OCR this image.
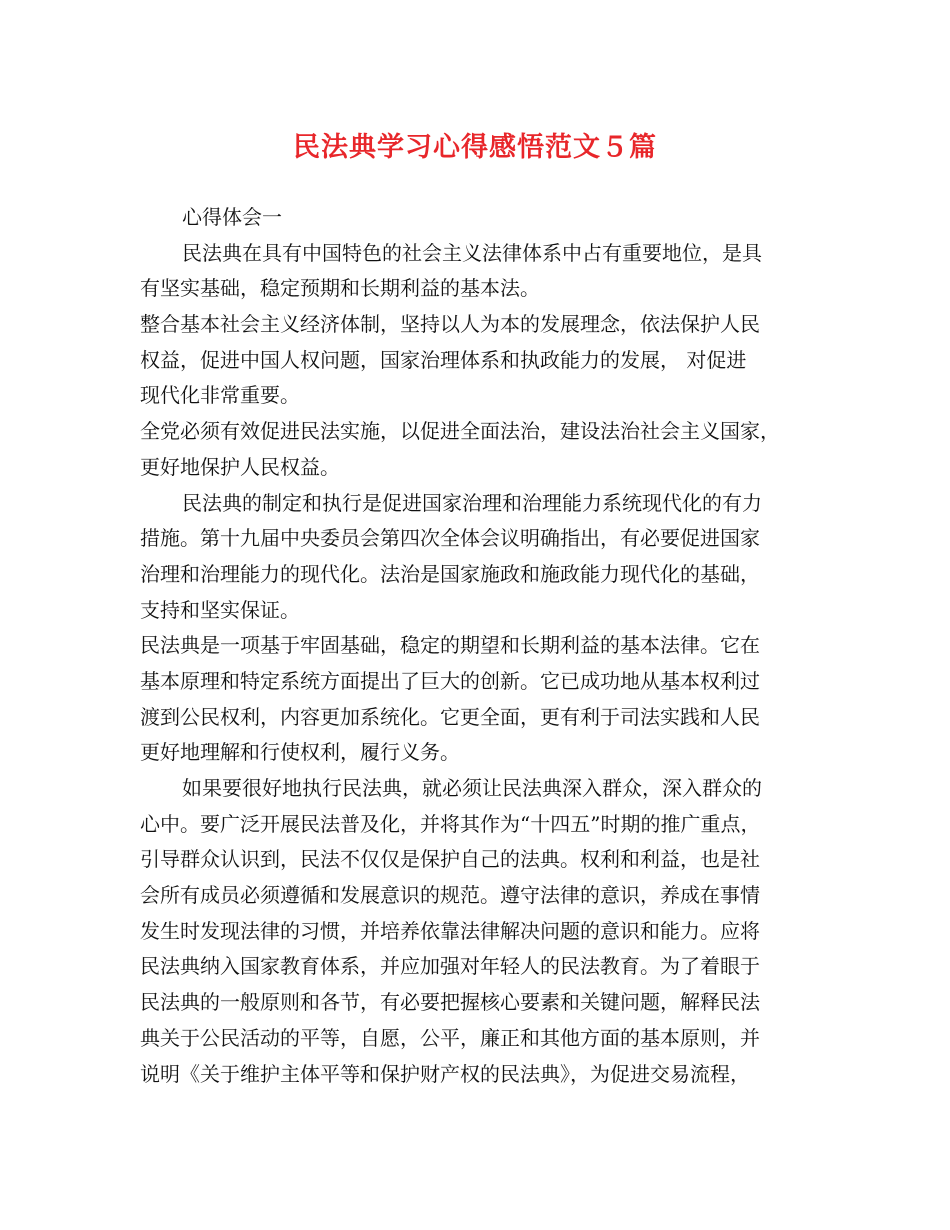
民法典学习心得感悟范文５篇
心得体会一
民法典在具有中国特色的社会主义法律体系中占有重要地位，是具
有坚实基础，稳定预期和长期利益的基本法。
整合基本社会主义经济体制，坚持以人为本的发展理念，依法保护人民
权益，促进中国人权问题，国家治理体系和执政能力的发展， 对促进
现代化非常重要。
全党必须有效促进民法实施，以促进全面法治，建设法治社会主义国家，
更好地保护人民权益。
民法典的制定和执行是促进国家治理和治理能力系统现代化的有力
措施。第十九届中央委员会第四次全体会议明确指出，有必要促进国家
治理和治理能力的现代化。法治是国家施政和施政能力现代化的基础，
支持和坚实保证。
民法典是一项基于牢固基础，稳定的期望和长期利益的基本法律。它在
基本原理和特定系统方面提出了巨大的创新。它已成功地从基本权利过
渡到公民权利，内容更加系统化。它更全面，更有利于司法实践和人民
更好地理解和行使权利，履行义务。
如果要很好地执行民法典，就必须让民法典深入群众，深入群众的
心中。要广泛开展民法普及化，并将其作为“十四五”时期的推广重点，
引导群众认识到，民法不仅仅是保护自己的法典。权利和利益，也是社
会所有成员必须遵循和发展意识的规范。遵守法律的意识，养成在事情
发生时发现法律的习惯，并培养依靠法律解决问题的意识和能力。应将
民法典纳入国家教育体系，并应加强对年轻人的民法教育。为了着眼于
民法典的一般原则和各节，有必要把握核心要素和关键问题，解释民法
典关于公民活动的平等，自愿，公平，廉正和其他方面的基本原则，并
说明《关于维护主体平等和保护财产权的民法典》，为促进交易流程，
